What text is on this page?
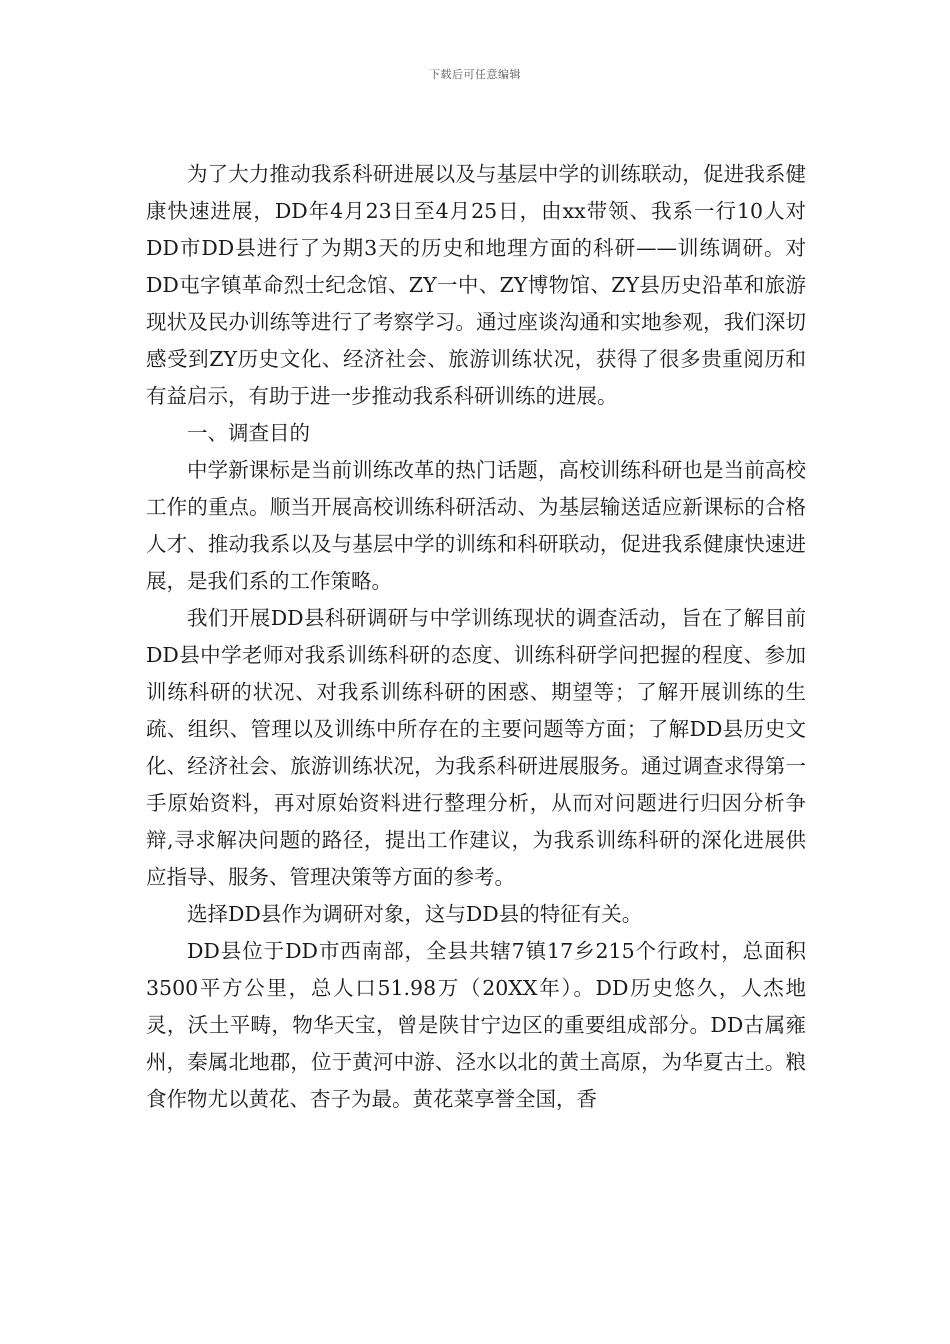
下载后可任意编辑

为了大力推动我系科研进展以及与基层中学的训练联动，促进我系健康快速进展，DD年4月23日至4月25日，由xx带领、我系一行10人对DD市DD县进行了为期3天的历史和地理方面的科研——训练调研。对DD屯字镇革命烈士纪念馆、ZY一中、ZY博物馆、ZY县历史沿革和旅游现状及民办训练等进行了考察学习。通过座谈沟通和实地参观，我们深切感受到ZY历史文化、经济社会、旅游训练状况，获得了很多贵重阅历和有益启示，有助于进一步推动我系科研训练的进展。

一、调查目的

中学新课标是当前训练改革的热门话题，高校训练科研也是当前高校工作的重点。顺当开展高校训练科研活动、为基层输送适应新课标的合格人才、推动我系以及与基层中学的训练和科研联动，促进我系健康快速进展，是我们系的工作策略。

我们开展DD县科研调研与中学训练现状的调查活动，旨在了解目前DD县中学老师对我系训练科研的态度、训练科研学问把握的程度、参加训练科研的状况、对我系训练科研的困惑、期望等；了解开展训练的生疏、组织、管理以及训练中所存在的主要问题等方面；了解DD县历史文化、经济社会、旅游训练状况，为我系科研进展服务。通过调查求得第一手原始资料，再对原始资料进行整理分析，从而对问题进行归因分析争辩,寻求解决问题的路径，提出工作建议，为我系训练科研的深化进展供应指导、服务、管理决策等方面的参考。

选择DD县作为调研对象，这与DD县的特征有关。

DD县位于DD市西南部，全县共辖7镇17乡215个行政村，总面积3500平方公里，总人口51.98万（20XX年）。DD历史悠久，人杰地灵，沃土平畴，物华天宝，曾是陕甘宁边区的重要组成部分。DD古属雍州，秦属北地郡，位于黄河中游、泾水以北的黄土高原，为华夏古土。粮食作物尤以黄花、杏子为最。黄花菜享誉全国，香
